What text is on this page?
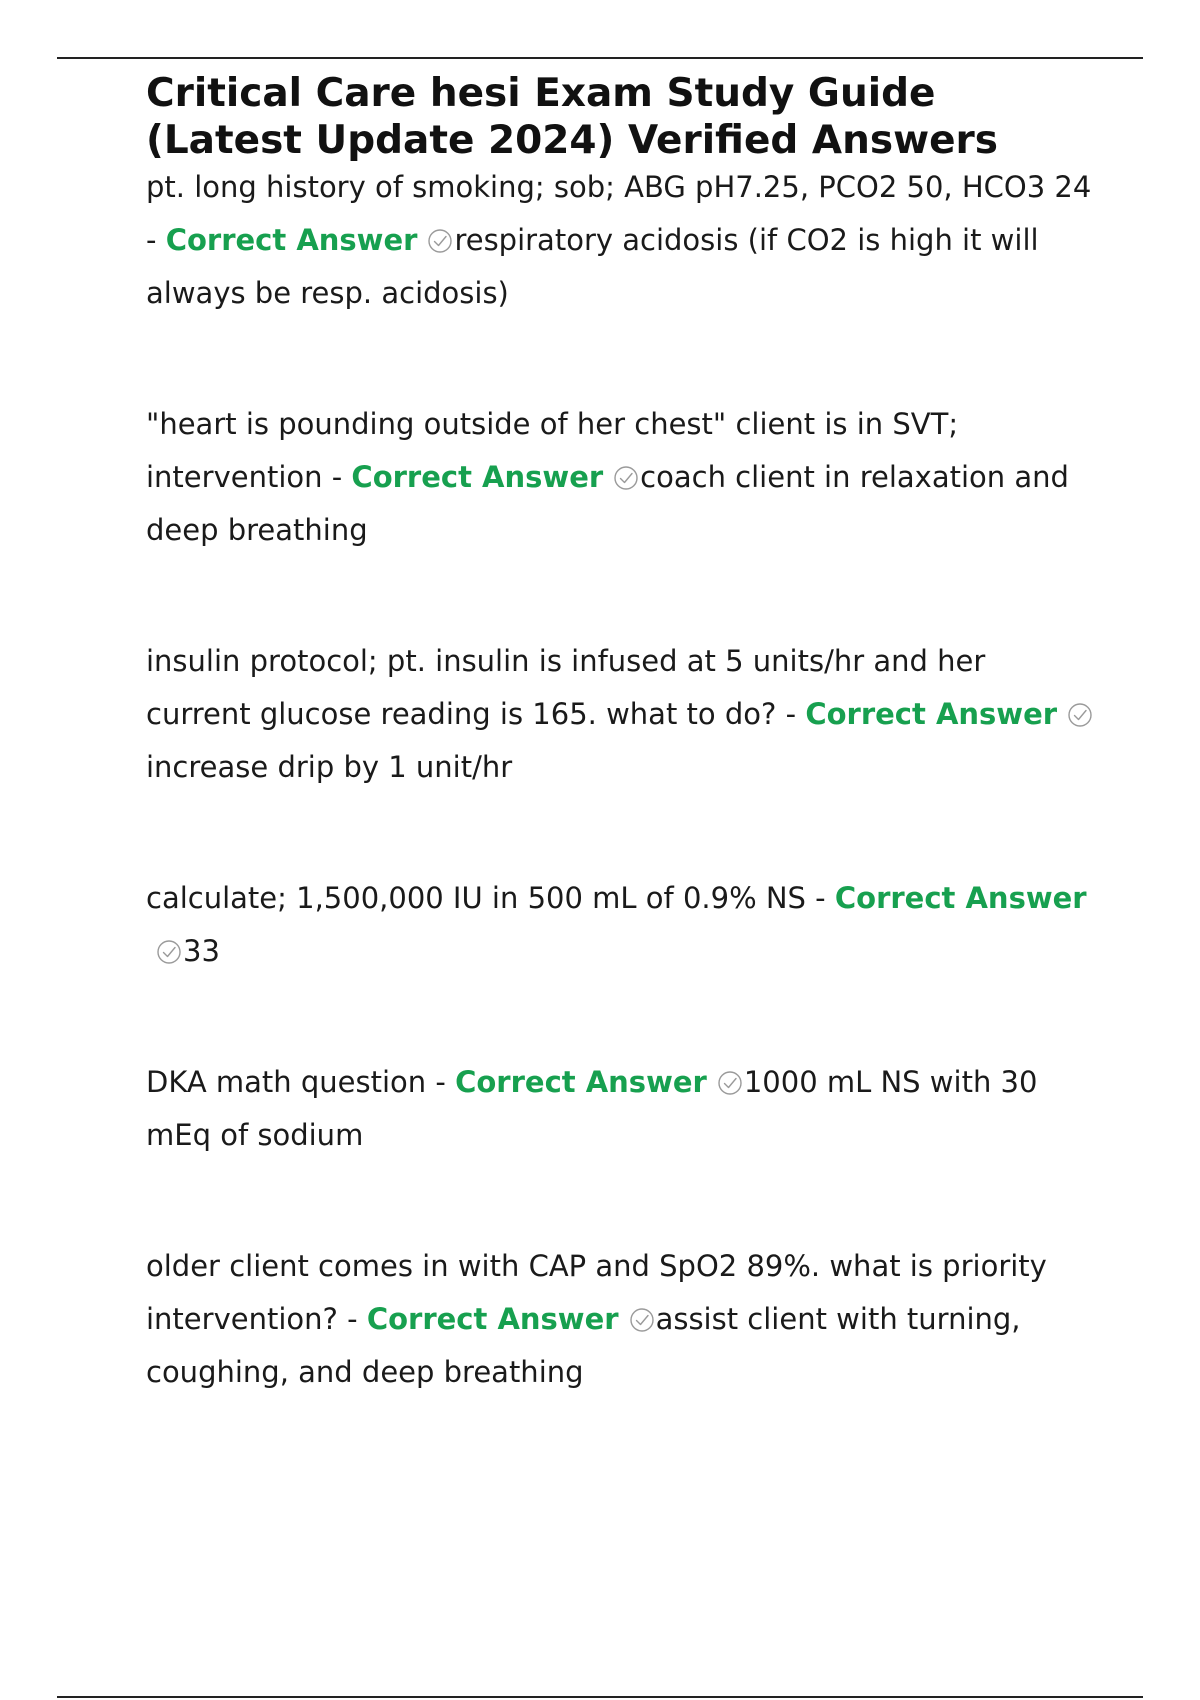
Critical Care hesi Exam Study Guide (Latest Update 2024) Verified Answers

pt. long history of smoking; sob; ABG pH7.25, PCO2 50, HCO3 24 - Correct Answer respiratory acidosis (if CO2 is high it will always be resp. acidosis)

"heart is pounding outside of her chest" client is in SVT; intervention - Correct Answer coach client in relaxation and deep breathing

insulin protocol; pt. insulin is infused at 5 units/hr and her current glucose reading is 165. what to do? - Correct Answer
increase drip by 1 unit/hr

calculate; 1,500,000 IU in 500 mL of 0.9% NS - Correct Answer
33

DKA math question - Correct Answer 1000 mL NS with 30 mEq of sodium

older client comes in with CAP and SpO2 89%. what is priority intervention? - Correct Answer assist client with turning, coughing, and deep breathing
